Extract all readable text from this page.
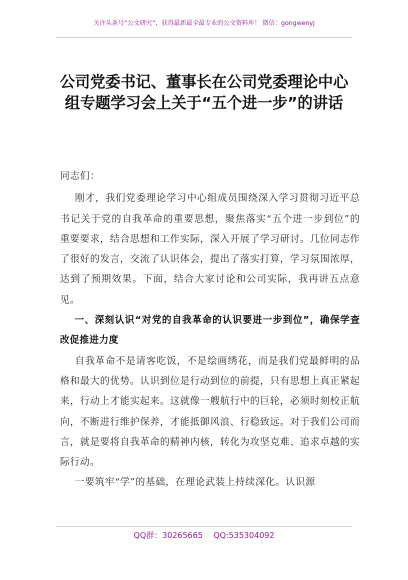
关注头条号“公文研究”，获得最新最全最专业的公文资料库！ 微信：gongwenyj
公司党委书记、董事长在公司党委理论中心组专题学习会上关于“五个进一步”的讲话

同志们：

刚才，我们党委理论学习中心组成员围绕深入学习贯彻习近平总书记关于党的自我革命的重要思想，聚焦落实“五个进一步到位”的重要要求，结合思想和工作实际，深入开展了学习研讨。几位同志作了很好的发言，交流了认识体会，提出了落实打算，学习氛围浓厚，达到了预期效果。下面，结合大家讨论和公司实际，我再讲五点意见。

一、深刻认识“对党的自我革命的认识要进一步到位”，确保学查改促推进力度

自我革命不是请客吃饭，不是绘画绣花，而是我们党最鲜明的品格和最大的优势。认识到位是行动到位的前提，只有思想上真正紧起来，行动上才能实起来。这就像一艘航行中的巨轮，必须时刻校正航向，不断进行维护保养，才能抵御风浪、行稳致远。对于我们公司而言，就是要将自我革命的精神内核，转化为攻坚克难、追求卓越的实际行动。

一要筑牢“学”的基础，在理论武装上持续深化。认识源

QQ群：30265665 QQ:535304092
